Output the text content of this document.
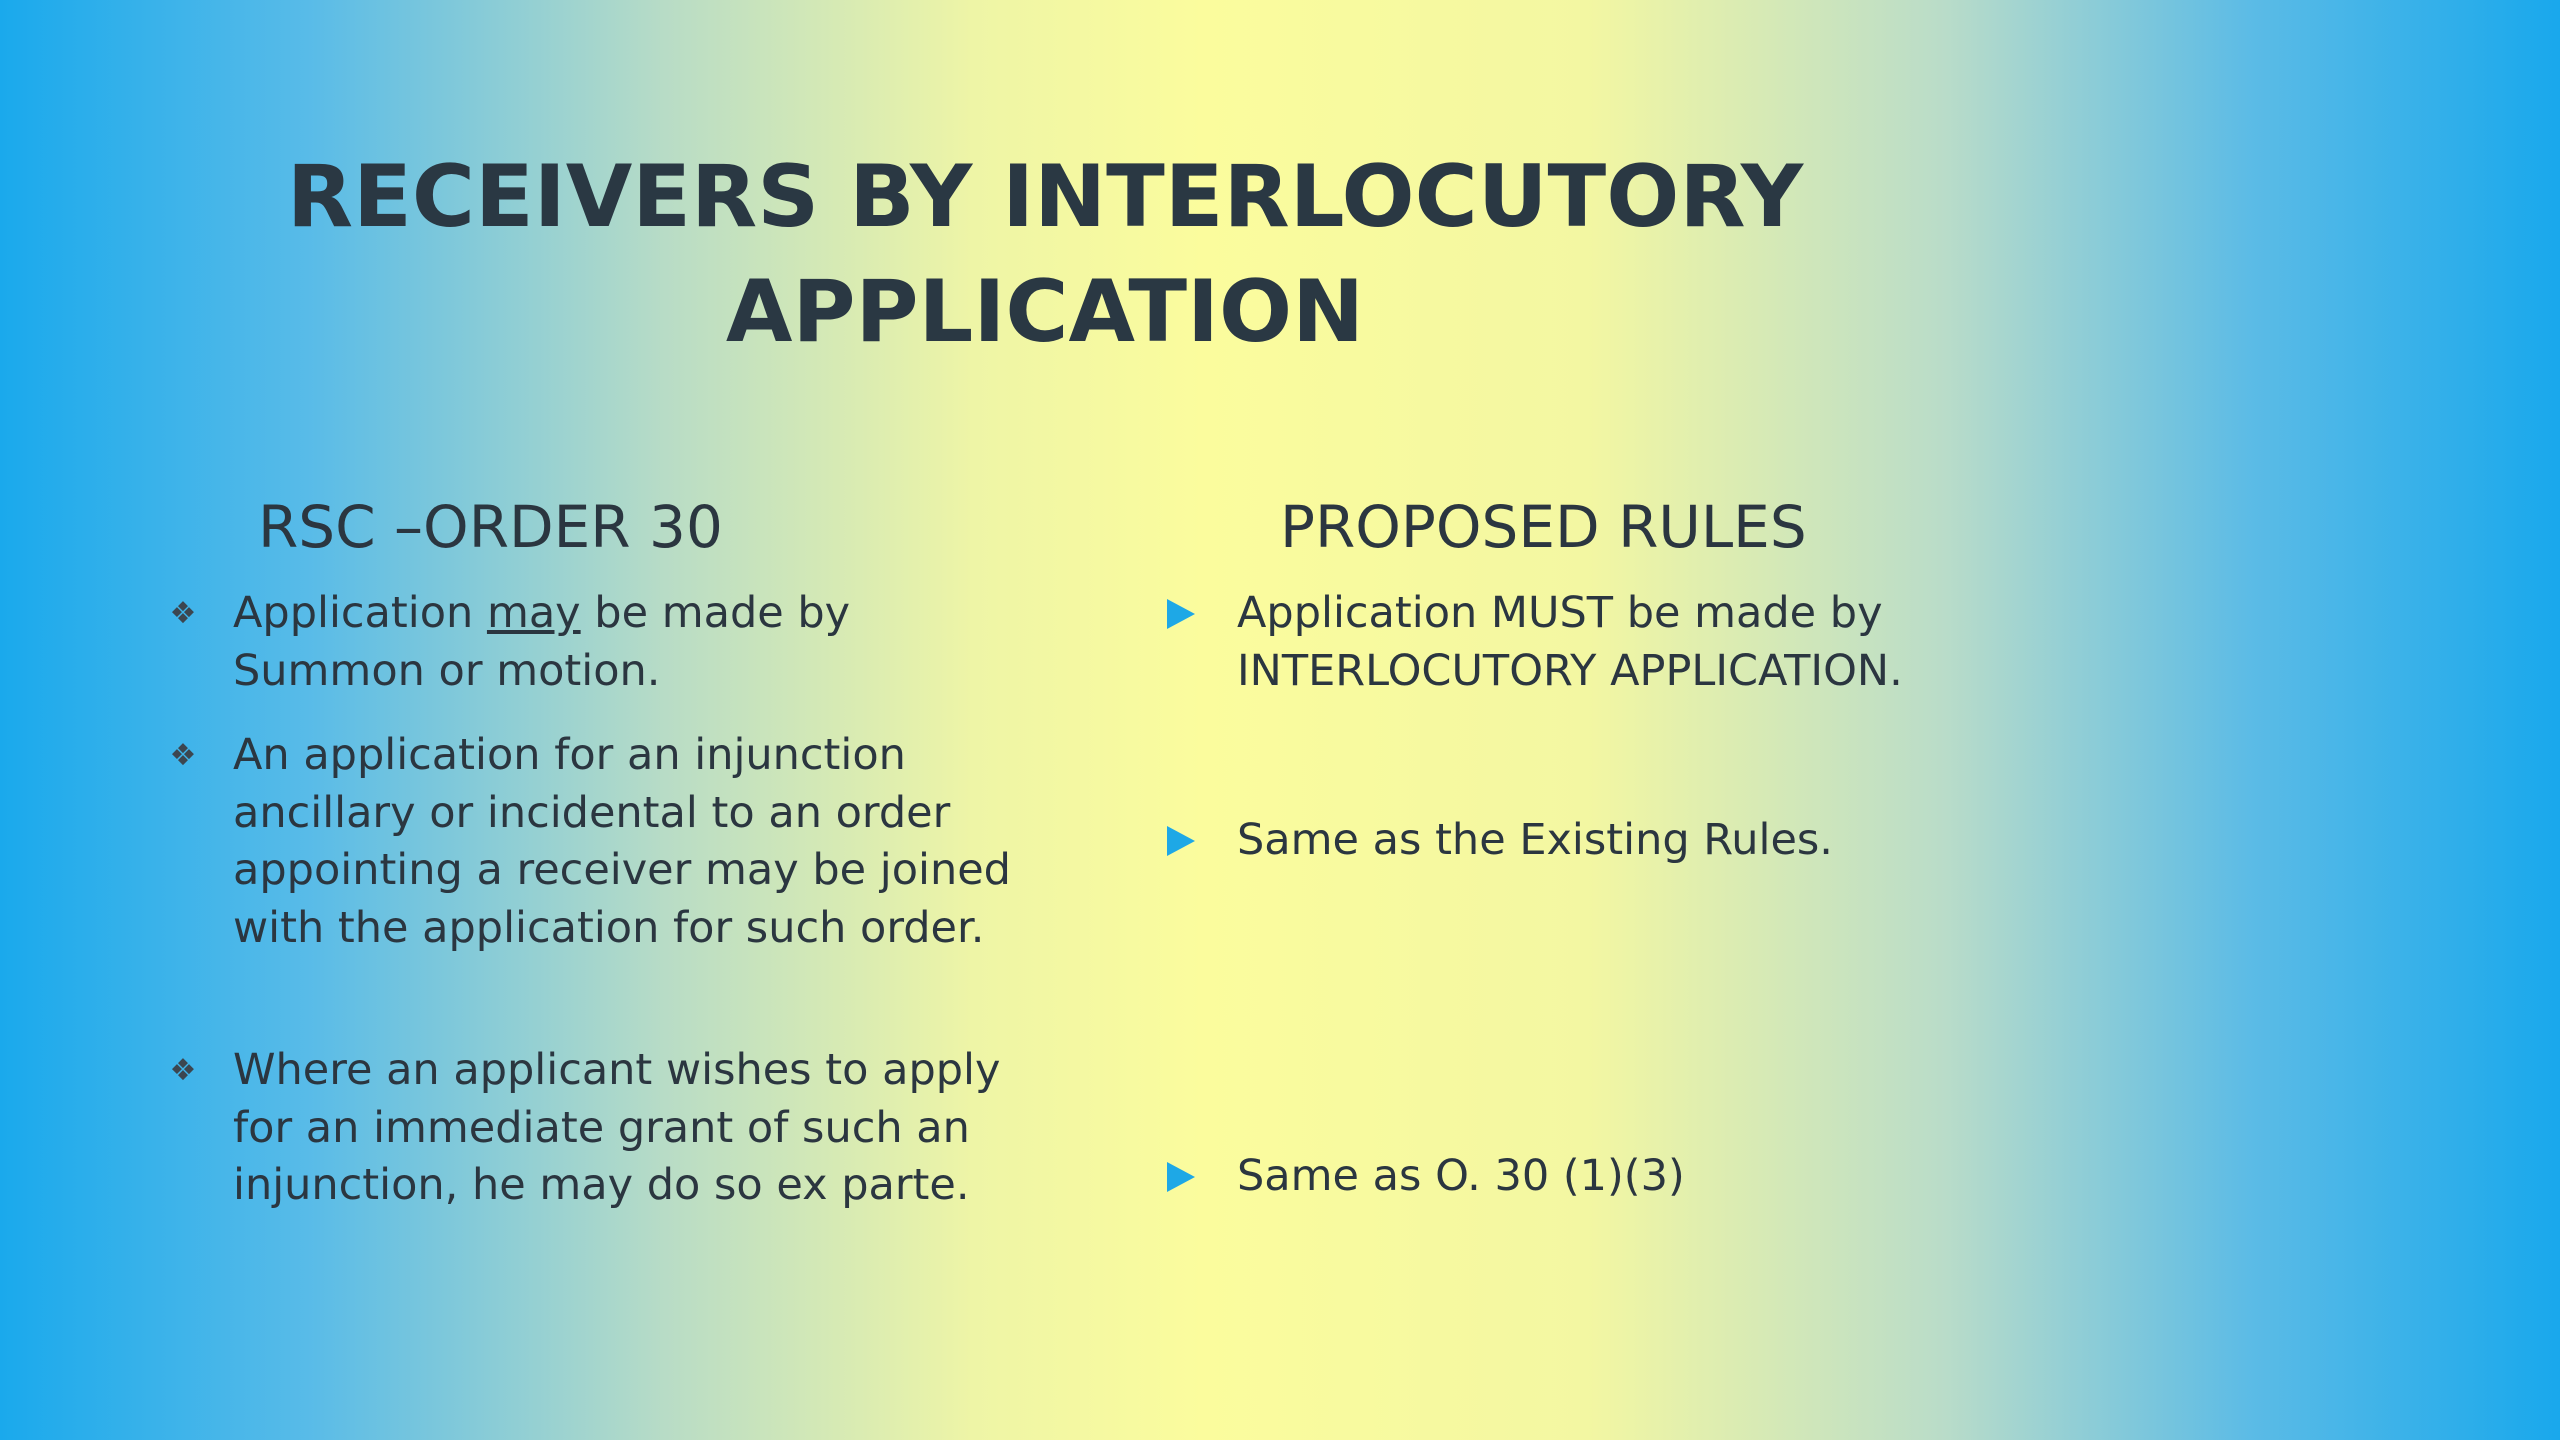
RECEIVERS BY INTERLOCUTORY
APPLICATION
RSC –ORDER 30	PROPOSED RULES
❖ Application may be made by Summon or motion.
❖ An application for an injunction ancillary or incidental to an order appointing a receiver may be joined with the application for such order.
❖ Where an applicant wishes to apply for an immediate grant of such an injunction, he may do so ex parte.
Application MUST be made by INTERLOCUTORY APPLICATION.
Same as the Existing Rules.
Same as O. 30 (1)(3)
